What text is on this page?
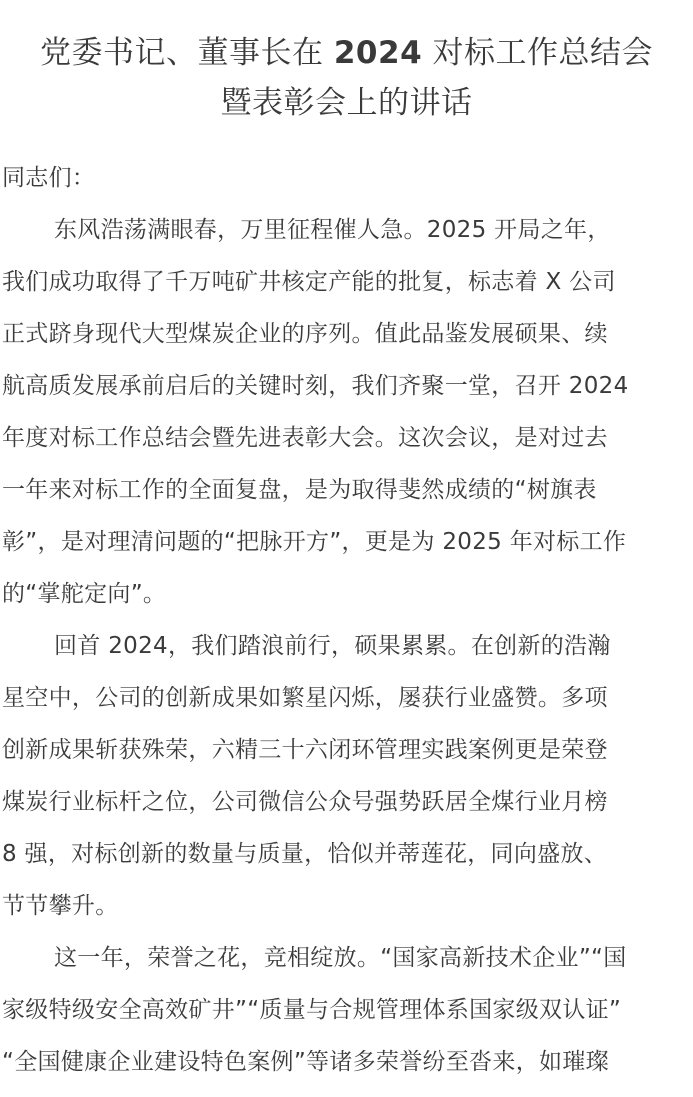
党委书记、董事长在 2024 对标工作总结会
暨表彰会上的讲话

同志们：

东风浩荡满眼春，万里征程催人急。2025 开局之年，
我们成功取得了千万吨矿井核定产能的批复，标志着 X 公司
正式跻身现代大型煤炭企业的序列。值此品鉴发展硕果、续
航高质发展承前启后的关键时刻，我们齐聚一堂，召开 2024
年度对标工作总结会暨先进表彰大会。这次会议，是对过去
一年来对标工作的全面复盘，是为取得斐然成绩的“树旗表
彰”，是对理清问题的“把脉开方”，更是为 2025 年对标工作
的“掌舵定向”。

回首 2024，我们踏浪前行，硕果累累。在创新的浩瀚
星空中，公司的创新成果如繁星闪烁，屡获行业盛赞。多项
创新成果斩获殊荣，六精三十六闭环管理实践案例更是荣登
煤炭行业标杆之位，公司微信公众号强势跃居全煤行业月榜
8 强，对标创新的数量与质量，恰似并蒂莲花，同向盛放、
节节攀升。

这一年，荣誉之花，竞相绽放。“国家高新技术企业”“国
家级特级安全高效矿井”“质量与合规管理体系国家级双认证”
“全国健康企业建设特色案例”等诸多荣誉纷至沓来，如璀璨
